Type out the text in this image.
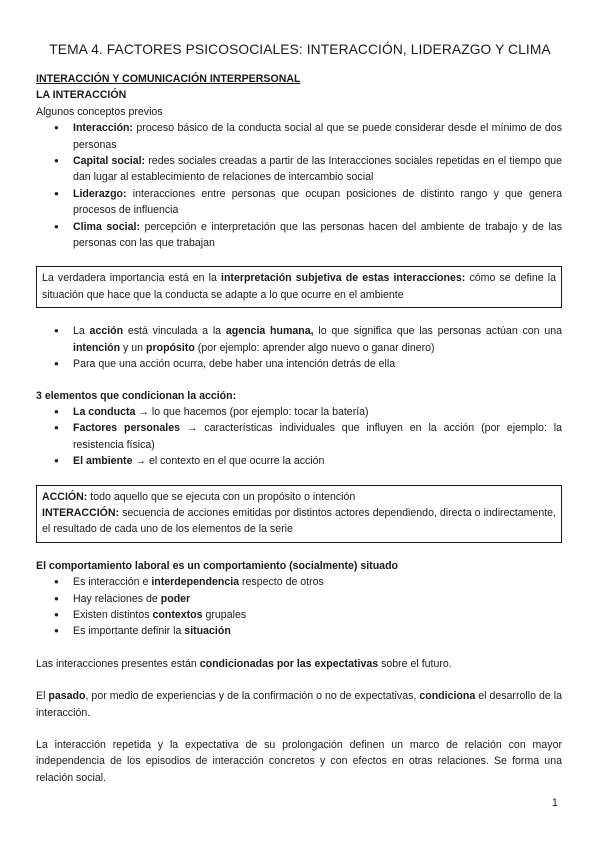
TEMA 4. FACTORES PSICOSOCIALES: INTERACCIÓN, LIDERAZGO Y CLIMA
INTERACCIÓN Y COMUNICACIÓN INTERPERSONAL
LA INTERACCIÓN

Algunos conceptos previos

● Interacción: proceso básico de la conducta social al que se puede considerar desde el mínimo de dos personas
● Capital social: redes sociales creadas a partir de las Interacciones sociales repetidas en el tiempo que dan lugar al establecimiento de relaciones de intercambio social
● Liderazgo: interacciones entre personas que ocupan posiciones de distinto rango y que genera procesos de influencia
● Clima social: percepción e interpretación que las personas hacen del ambiente de trabajo y de las personas con las que trabajan
La verdadera importancia está en la interpretación subjetiva de estas interacciones: cómo se define la situación que hace que la conducta se adapte a lo que ocurre en el ambiente
● La acción está vinculada a la agencia humana, lo que significa que las personas actúan con una intención y un propósito (por ejemplo: aprender algo nuevo o ganar dinero)
● Para que una acción ocurra, debe haber una intención detrás de ella
3 elementos que condicionan la acción:
● La conducta → lo que hacemos (por ejemplo: tocar la batería)
● Factores personales → características individuales que influyen en la acción (por ejemplo: la resistencia física)
● El ambiente → el contexto en el que ocurre la acción
ACCIÓN: todo aquello que se ejecuta con un propósito o intención
INTERACCIÓN: secuencia de acciones emitidas por distintos actores dependiendo, directa o indirectamente, el resultado de cada uno de los elementos de la serie
El comportamiento laboral es un comportamiento (socialmente) situado
● Es interacción e interdependencia respecto de otros
● Hay relaciones de poder
● Existen distintos contextos grupales
● Es importante definir la situación

Las interacciones presentes están condicionadas por las expectativas sobre el futuro.

El pasado, por medio de experiencias y de la confirmación o no de expectativas, condiciona el desarrollo de la interacción.

La interacción repetida y la expectativa de su prolongación definen un marco de relación con mayor independencia de los episodios de interacción concretos y con efectos en otras relaciones. Se forma una relación social.

1
